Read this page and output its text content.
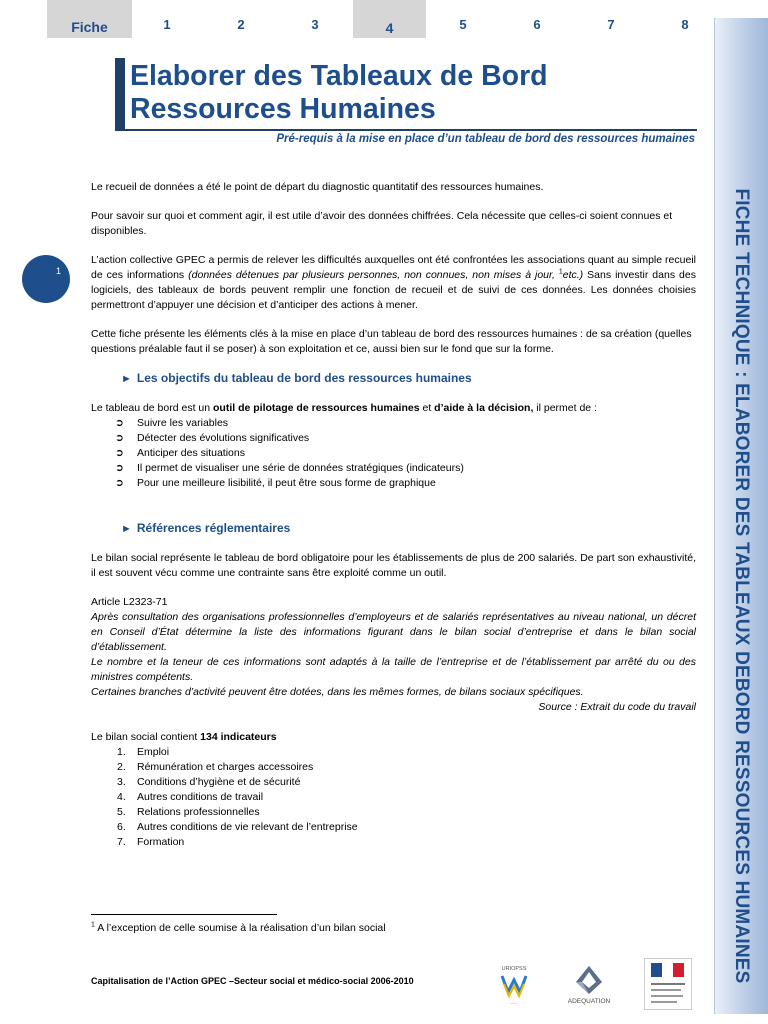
Fiche	1	2	3	4	5	6	7	8
FICHE TECHNIQUE : ELABORER DES TABLEAUX DEBORD RESSOURCES HUMAINES
Elaborer des Tableaux de Bord
Ressources Humaines
Pré-requis à la mise en place d’un tableau de bord des ressources humaines
1

Le recueil de données a été le point de départ du diagnostic quantitatif des ressources humaines.

Pour savoir sur quoi et comment agir, il est utile d’avoir des données chiffrées. Cela nécessite que celles-ci soient connues et disponibles.

L’action collective GPEC a permis de relever les difficultés auxquelles ont été confrontées les associations quant au simple recueil de ces informations (données détenues par plusieurs personnes, non connues, non mises à jour, $^1$etc.) Sans investir dans des logiciels, des tableaux de bords peuvent remplir une fonction de recueil et de suivi de ces données. Les données choisies permettront d’appuyer une décision et d’anticiper des actions à mener.

Cette fiche présente les éléments clés à la mise en place d’un tableau de bord des ressources humaines : de sa création (quelles questions préalable faut il se poser) à son exploitation et ce, aussi bien sur le fond que sur la forme.

► Les objectifs du tableau de bord des ressources humaines

Le tableau de bord est un outil de pilotage de ressources humaines et d’aide à la décision, il permet de :

➲ Suivre les variables
➲ Détecter des évolutions significatives
➲ Anticiper des situations
➲ Il permet de visualiser une série de données stratégiques (indicateurs)
➲ Pour une meilleure lisibilité, il peut être sous forme de graphique

► Références réglementaires

Le bilan social représente le tableau de bord obligatoire pour les établissements de plus de 200 salariés. De part son exhaustivité, il est souvent vécu comme une contrainte sans être exploité comme un outil.

Article L2323-71
Après consultation des organisations professionnelles d’employeurs et de salariés représentatives au niveau national, un décret en Conseil d’État détermine la liste des informations figurant dans le bilan social d’entreprise et dans le bilan social d’établissement.
Le nombre et la teneur de ces informations sont adaptés à la taille de l’entreprise et de l’établissement par arrêté du ou des ministres compétents.
Certaines branches d’activité peuvent être dotées, dans les mêmes formes, de bilans sociaux spécifiques.
Source : Extrait du code du travail

Le bilan social contient 134 indicateurs

1. Emploi
2. Rémunération et charges accessoires
3. Conditions d’hygiène et de sécurité
4. Autres conditions de travail
5. Relations professionnelles
6. Autres conditions de vie relevant de l’entreprise
7. Formation
$^1$ A l’exception de celle soumise à la réalisation d’un bilan social
Capitalisation de l’Action GPEC –Secteur social et médico-social 2006-2010
URIOPSS
~~~	ADEQUATION
